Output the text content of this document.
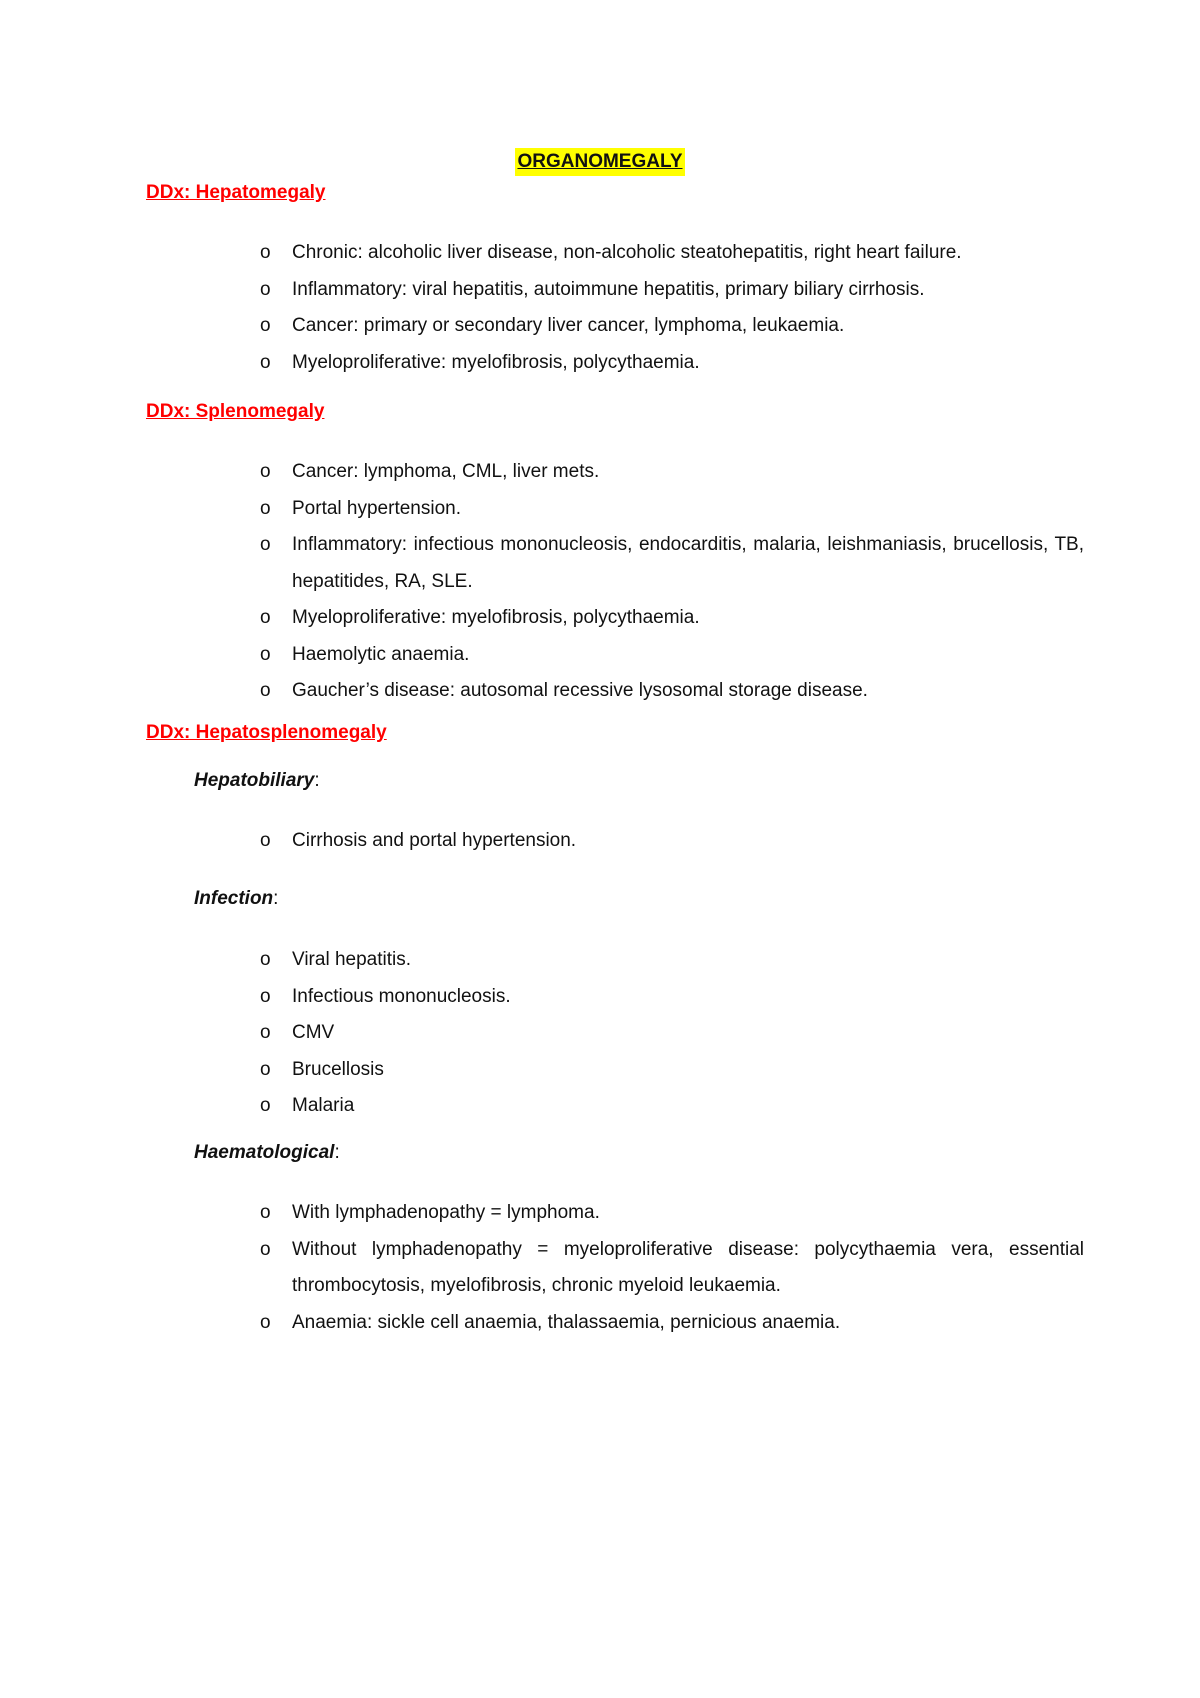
ORGANOMEGALY
DDx: Hepatomegaly
o Chronic: alcoholic liver disease, non-alcoholic steatohepatitis, right heart failure.
o Inflammatory: viral hepatitis, autoimmune hepatitis, primary biliary cirrhosis.
o Cancer: primary or secondary liver cancer, lymphoma, leukaemia.
o Myeloproliferative: myelofibrosis, polycythaemia.
DDx: Splenomegaly
o Cancer: lymphoma, CML, liver mets.
o Portal hypertension.
o Inflammatory: infectious mononucleosis, endocarditis, malaria, leishmaniasis, brucellosis, TB, hepatitides, RA, SLE.
o Myeloproliferative: myelofibrosis, polycythaemia.
o Haemolytic anaemia.
o Gaucher’s disease: autosomal recessive lysosomal storage disease.
DDx: Hepatosplenomegaly
Hepatobiliary:
o Cirrhosis and portal hypertension.
Infection:
o Viral hepatitis.
o Infectious mononucleosis.
o CMV
o Brucellosis
o Malaria
Haematological:
o With lymphadenopathy = lymphoma.
o Without lymphadenopathy = myeloproliferative disease: polycythaemia vera, essential thrombocytosis, myelofibrosis, chronic myeloid leukaemia.
o Anaemia: sickle cell anaemia, thalassaemia, pernicious anaemia.
